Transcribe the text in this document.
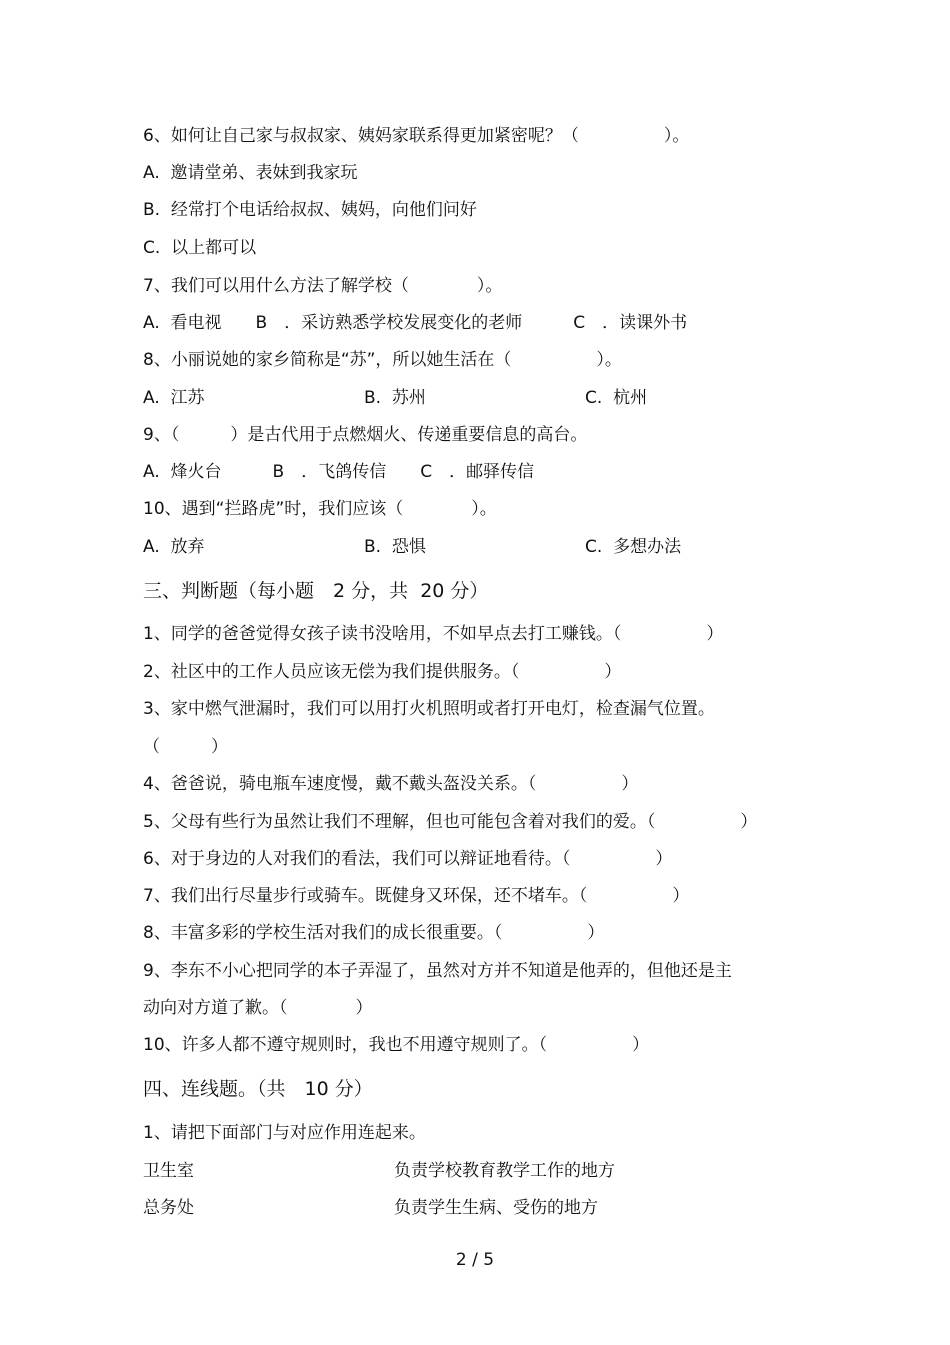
6、如何让自己家与叔叔家、姨妈家联系得更加紧密呢？（　　　　　）。
A.  邀请堂弟、表妹到我家玩
B.  经常打个电话给叔叔、姨妈，向他们问好
C.  以上都可以
7、我们可以用什么方法了解学校（　　　　）。
A.  看电视　　B　．采访熟悉学校发展变化的老师　　　C　．读课外书
8、小丽说她的家乡简称是“苏”，所以她生活在（　　　　　）。
A.  江苏	B.  苏州	C.  杭州
9、（　　　）是古代用于点燃烟火、传递重要信息的高台。
A.  烽火台　　　B　．飞鸽传信　　C　．邮驿传信
10、遇到“拦路虎”时，我们应该（　　　　）。
A.  放弃	B.  恐惧	C.  多想办法
三、判断题（每小题　2 分，共  20 分）
1、同学的爸爸觉得女孩子读书没啥用，不如早点去打工赚钱。（　　　　　）
2、社区中的工作人员应该无偿为我们提供服务。（　　　　　）
3、家中燃气泄漏时，我们可以用打火机照明或者打开电灯，检查漏气位置。
（　　　）
4、爸爸说，骑电瓶车速度慢，戴不戴头盔没关系。（　　　　　）
5、父母有些行为虽然让我们不理解，但也可能包含着对我们的爱。（　　　　　）
6、对于身边的人对我们的看法，我们可以辩证地看待。（　　　　　）
7、我们出行尽量步行或骑车。既健身又环保，还不堵车。（　　　　　）
8、丰富多彩的学校生活对我们的成长很重要。（　　　　　）
9、李东不小心把同学的本子弄湿了，虽然对方并不知道是他弄的，但他还是主
动向对方道了歉。（　　　　）
10、许多人都不遵守规则时，我也不用遵守规则了。（　　　　　）
四、连线题。（共　10 分）
1、请把下面部门与对应作用连起来。
卫生室	负责学校教育教学工作的地方
总务处	负责学生生病、受伤的地方
2 / 5
